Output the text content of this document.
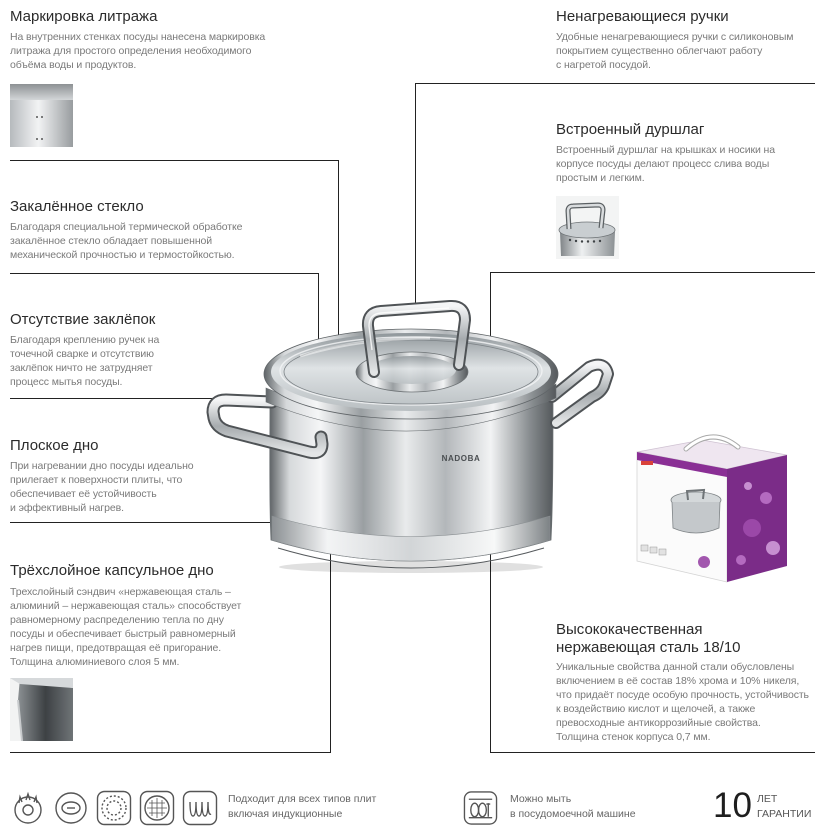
NADOBA
Маркировка литража
На внутренних стенках посуды нанесена маркировка
литража для простого определения необходимого
объёма воды и продуктов.
Закалённое стекло
Благодаря специальной термической обработке
закалённое стекло обладает повышенной
механической прочностью и термостойкостью.
Отсутствие заклёпок
Благодаря креплению ручек на
точечной сварке и отсутствию
заклёпок ничто не затрудняет
процесс мытья посуды.
Плоское дно
При нагревании дно посуды идеально
прилегает к поверхности плиты, что
обеспечивает её устойчивость
и эффективный нагрев.
Трёхслойное капсульное дно
Трехслойный сэндвич «нержавеющая сталь –
алюминий – нержавеющая сталь» способствует
равномерному распределению тепла по дну
посуды и обеспечивает быстрый равномерный
нагрев пищи, предотвращая её пригорание.
Толщина алюминиевого слоя 5 мм.
Ненагревающиеся ручки
Удобные ненагревающиеся ручки с силиконовым
покрытием существенно облегчают работу
с нагретой посудой.
Встроенный дуршлаг
Встроенный дуршлаг на крышках и носики на
корпусе посуды делают процесс слива воды
простым и легким.
Высококачественная
нержавеющая сталь 18/10
Уникальные свойства данной стали обусловлены
включением в её состав 18% хрома и 10% никеля,
что придаёт посуде особую прочность, устойчивость
к воздействию кислот и щелочей, а также
превосходные антикоррозийные свойства.
Толщина стенок корпуса 0,7 мм.
Подходит для всех типов плит
включая индукционные
Можно мыть
в посудомоечной машине 10 ЛЕТ
ГАРАНТИИ
